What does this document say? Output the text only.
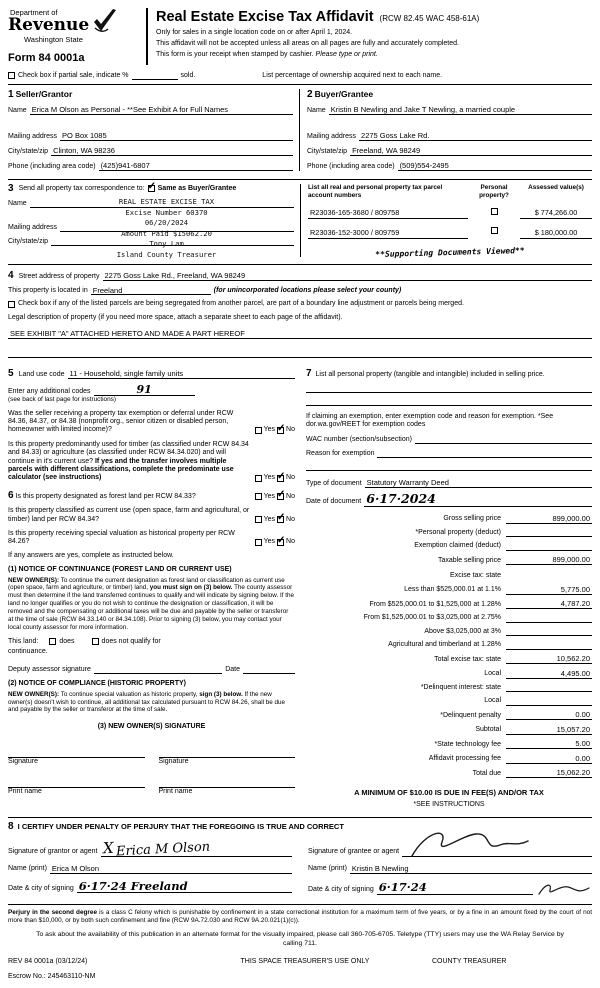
Department of
Revenue
Washington State
Form 84 0001a
Real Estate Excise Tax Affidavit (RCW 82.45 WAC 458-61A)
Only for sales in a single location code on or after April 1, 2024.
This affidavit will not be accepted unless all areas on all pages are fully and accurately completed.
This form is your receipt when stamped by cashier. Please type or print.
Check box if partial sale, indicate %	sold.	List percentage of ownership acquired next to each name.
1 Seller/Grantor
Name Erica M Olson as Personal - **See Exhibit A for Full Names
Mailing address PO Box 1085
City/state/zip Clinton, WA 98236
Phone (including area code) (425)941-6807
2 Buyer/Grantee
Name Kristin B Newling and Jake T Newling, a married couple
Mailing address 2275 Goss Lake Rd.
City/state/zip Freeland, WA 98249
Phone (including area code) (509)554-2495
3 Send all property tax correspondence to: ✓ Same as Buyer/Grantee
Name
Mailing address
City/state/zip
REAL ESTATE EXCISE TAX
Excise Number 60370
06/20/2024
Amount Paid $15062.20
Tony Lam
Island County Treasurer
List all real and personal property tax parcel account numbers
Personal property?
Assessed value(s)
R23036-165-3680 / 809758	$ 774,266.00
R23036-152-3000 / 809759	$ 180,000.00
**Supporting Documents Viewed**
4 Street address of property 2275 Goss Lake Rd., Freeland, WA 98249
This property is located in Freeland	(for unincorporated locations please select your county)
Check box if any of the listed parcels are being segregated from another parcel, are part of a boundary line adjustment or parcels being merged.
Legal description of property (if you need more space, attach a separate sheet to each page of the affidavit).
SEE EXHIBIT "A" ATTACHED HERETO AND MADE A PART HEREOF
5 Land use code 11 - Household, single family units
Enter any additional codes	91
(see back of last page for instructions)
Was the seller receiving a property tax exemption or deferral under RCW 84.36, 84.37, or 84.38 (nonprofit org., senior citizen or disabled person, homeowner with limited income)?	Yes ✓ No
Is this property predominantly used for timber (as classified under RCW 84.34 and 84.33) or agriculture (as classified under RCW 84.34.020) and will continue in it's current use? If yes and the transfer involves multiple parcels with different classifications, complete the predominate use calculator (see instructions)	Yes ✓ No
6 Is this property designated as forest land per RCW 84.33?	Yes ✓ No
Is this property classified as current use (open space, farm and agricultural, or timber) land per RCW 84.34?	Yes ✓ No
Is this property receiving special valuation as historical property per RCW 84.26?	Yes ✓ No
If any answers are yes, complete as instructed below.
(1) NOTICE OF CONTINUANCE (FOREST LAND OR CURRENT USE)

NEW OWNER(S): To continue the current designation as forest land or classification as current use (open space, farm and agriculture, or timber) land, you must sign on (3) below. The county assessor must then determine if the land transferred continues to qualify and will indicate by signing below. If the land no longer qualifies or you do not wish to continue the designation or classification, it will be removed and the compensating or additional taxes will be due and payable by the seller or transferor at the time of sale (RCW 84.33.140 or 84.34.108). Prior to signing (3) below, you may contact your local county assessor for more information.

This land:	does	does not qualify for
continuance.
Deputy assessor signature	Date
(2) NOTICE OF COMPLIANCE (HISTORIC PROPERTY)

NEW OWNER(S): To continue special valuation as historic property, sign (3) below. If the new owner(s) doesn't wish to continue, all additional tax calculated pursuant to RCW 84.26, shall be due and payable by the seller or transferor at the time of sale.

(3) NEW OWNER(S) SIGNATURE
Signature	Signature
Print name	Print name
7 List all personal property (tangible and intangible) included in selling price.

If claiming an exemption, enter exemption code and reason for exemption. *See dor.wa.gov/REET for exemption codes

WAC number (section/subsection)
Reason for exemption
Type of document Statutory Warranty Deed
Date of document 6·17·2024
Gross selling price	899,000.00
*Personal property (deduct)
Exemption claimed (deduct)
Taxable selling price	899,000.00
Excise tax: state
Less than $525,000.01 at 1.1%	5,775.00
From $525,000.01 to $1,525,000 at 1.28%	4,787.20
From $1,525,000.01 to $3,025,000 at 2.75%
Above $3,025,000 at 3%
Agricultural and timberland at 1.28%
Total excise tax: state	10,562.20
Local	4,495.00
*Delinquent interest: state
Local
*Delinquent penalty	0.00
Subtotal	15,057.20
*State technology fee	5.00
Affidavit processing fee	0.00
Total due	15,062.20
A MINIMUM OF $10.00 IS DUE IN FEE(S) AND/OR TAX
*SEE INSTRUCTIONS
8 I CERTIFY UNDER PENALTY OF PERJURY THAT THE FOREGOING IS TRUE AND CORRECT
Signature of grantor or agent X Erica M Olson
Name (print) Erica M Olson
Date & city of signing 6·17·24 Freeland
Signature of grantee or agent
Name (print) Kristin B Newling
Date & city of signing 6·17·24

Perjury in the second degree is a class C felony which is punishable by confinement in a state correctional institution for a maximum term of five years, or by a fine in an amount fixed by the court of not more than $10,000, or by both such confinement and fine (RCW 9A.72.030 and RCW 9A.20.021(1)(c)).

To ask about the availability of this publication in an alternate format for the visually impaired, please call 360-705-6705. Teletype (TTY) users may use the WA Relay Service by calling 711.

REV 84 0001a (03/12/24)	THIS SPACE TREASURER'S USE ONLY	COUNTY TREASURER
Escrow No.: 245463110-NM
